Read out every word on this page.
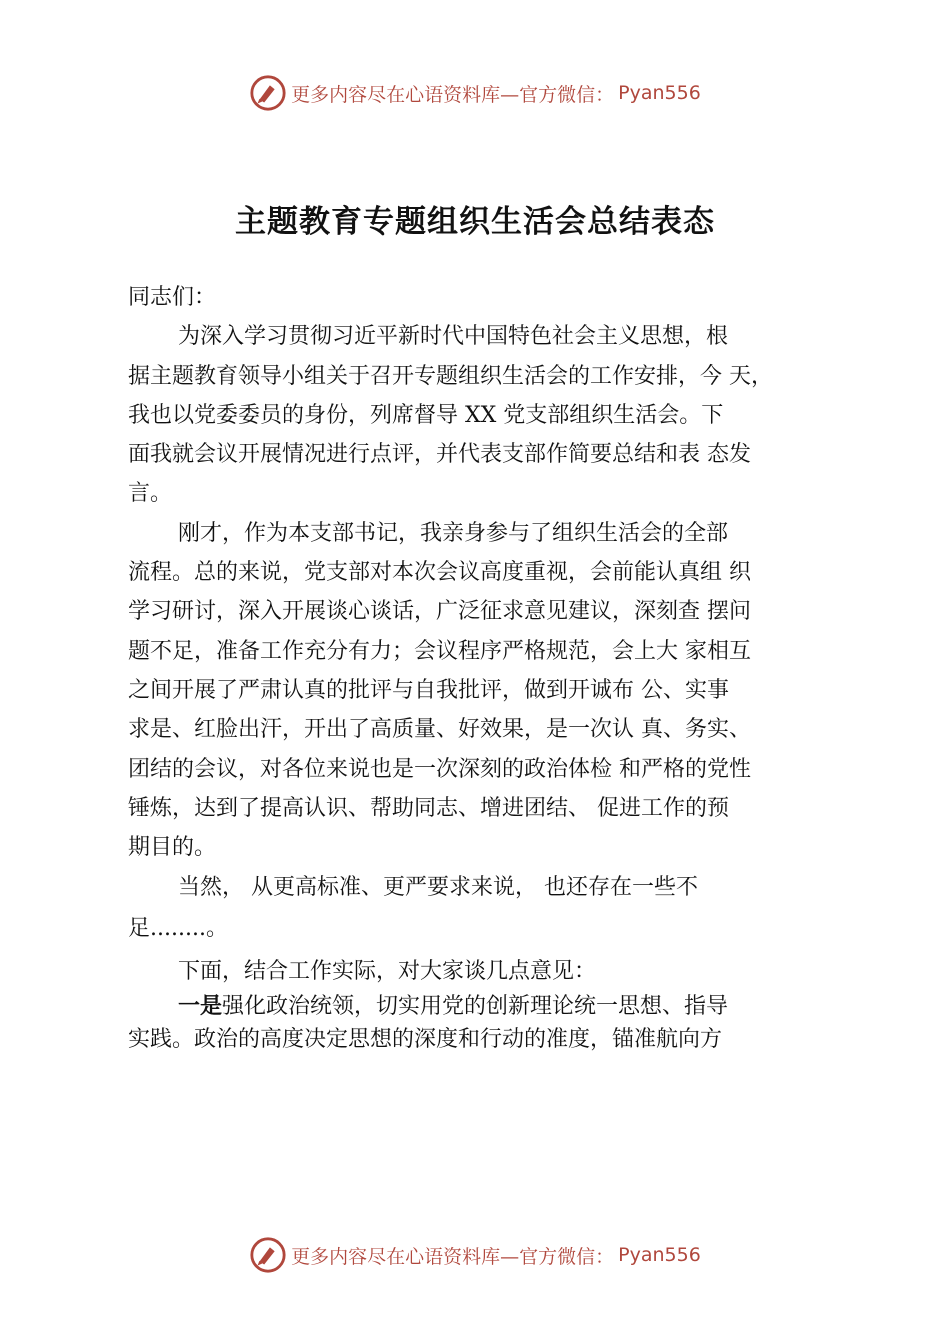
更多内容尽在心语资料库—官方微信： Pyan556
主题教育专题组织生活会总结表态
同志们：
为深入学习贯彻习近平新时代中国特色社会主义思想，根
据主题教育领导小组关于召开专题组织生活会的工作安排，今 天，
我也以党委委员的身份，列席督导 XX 党支部组织生活会。下
面我就会议开展情况进行点评，并代表支部作简要总结和表 态发
言。
刚才，作为本支部书记，我亲身参与了组织生活会的全部
流程。总的来说，党支部对本次会议高度重视，会前能认真组 织
学习研讨，深入开展谈心谈话，广泛征求意见建议，深刻查 摆问
题不足，准备工作充分有力；会议程序严格规范，会上大 家相互
之间开展了严肃认真的批评与自我批评，做到开诚布 公、实事
求是、红脸出汗，开出了高质量、好效果，是一次认 真、务实、
团结的会议，对各位来说也是一次深刻的政治体检 和严格的党性
锤炼，达到了提高认识、帮助同志、增进团结、 促进工作的预
期目的。
当然， 从更高标准、更严要求来说， 也还存在一些不
足........。
下面，结合工作实际，对大家谈几点意见：
一是强化政治统领，切实用党的创新理论统一思想、指导
实践。政治的高度决定思想的深度和行动的准度，锚准航向方
更多内容尽在心语资料库—官方微信： Pyan556
